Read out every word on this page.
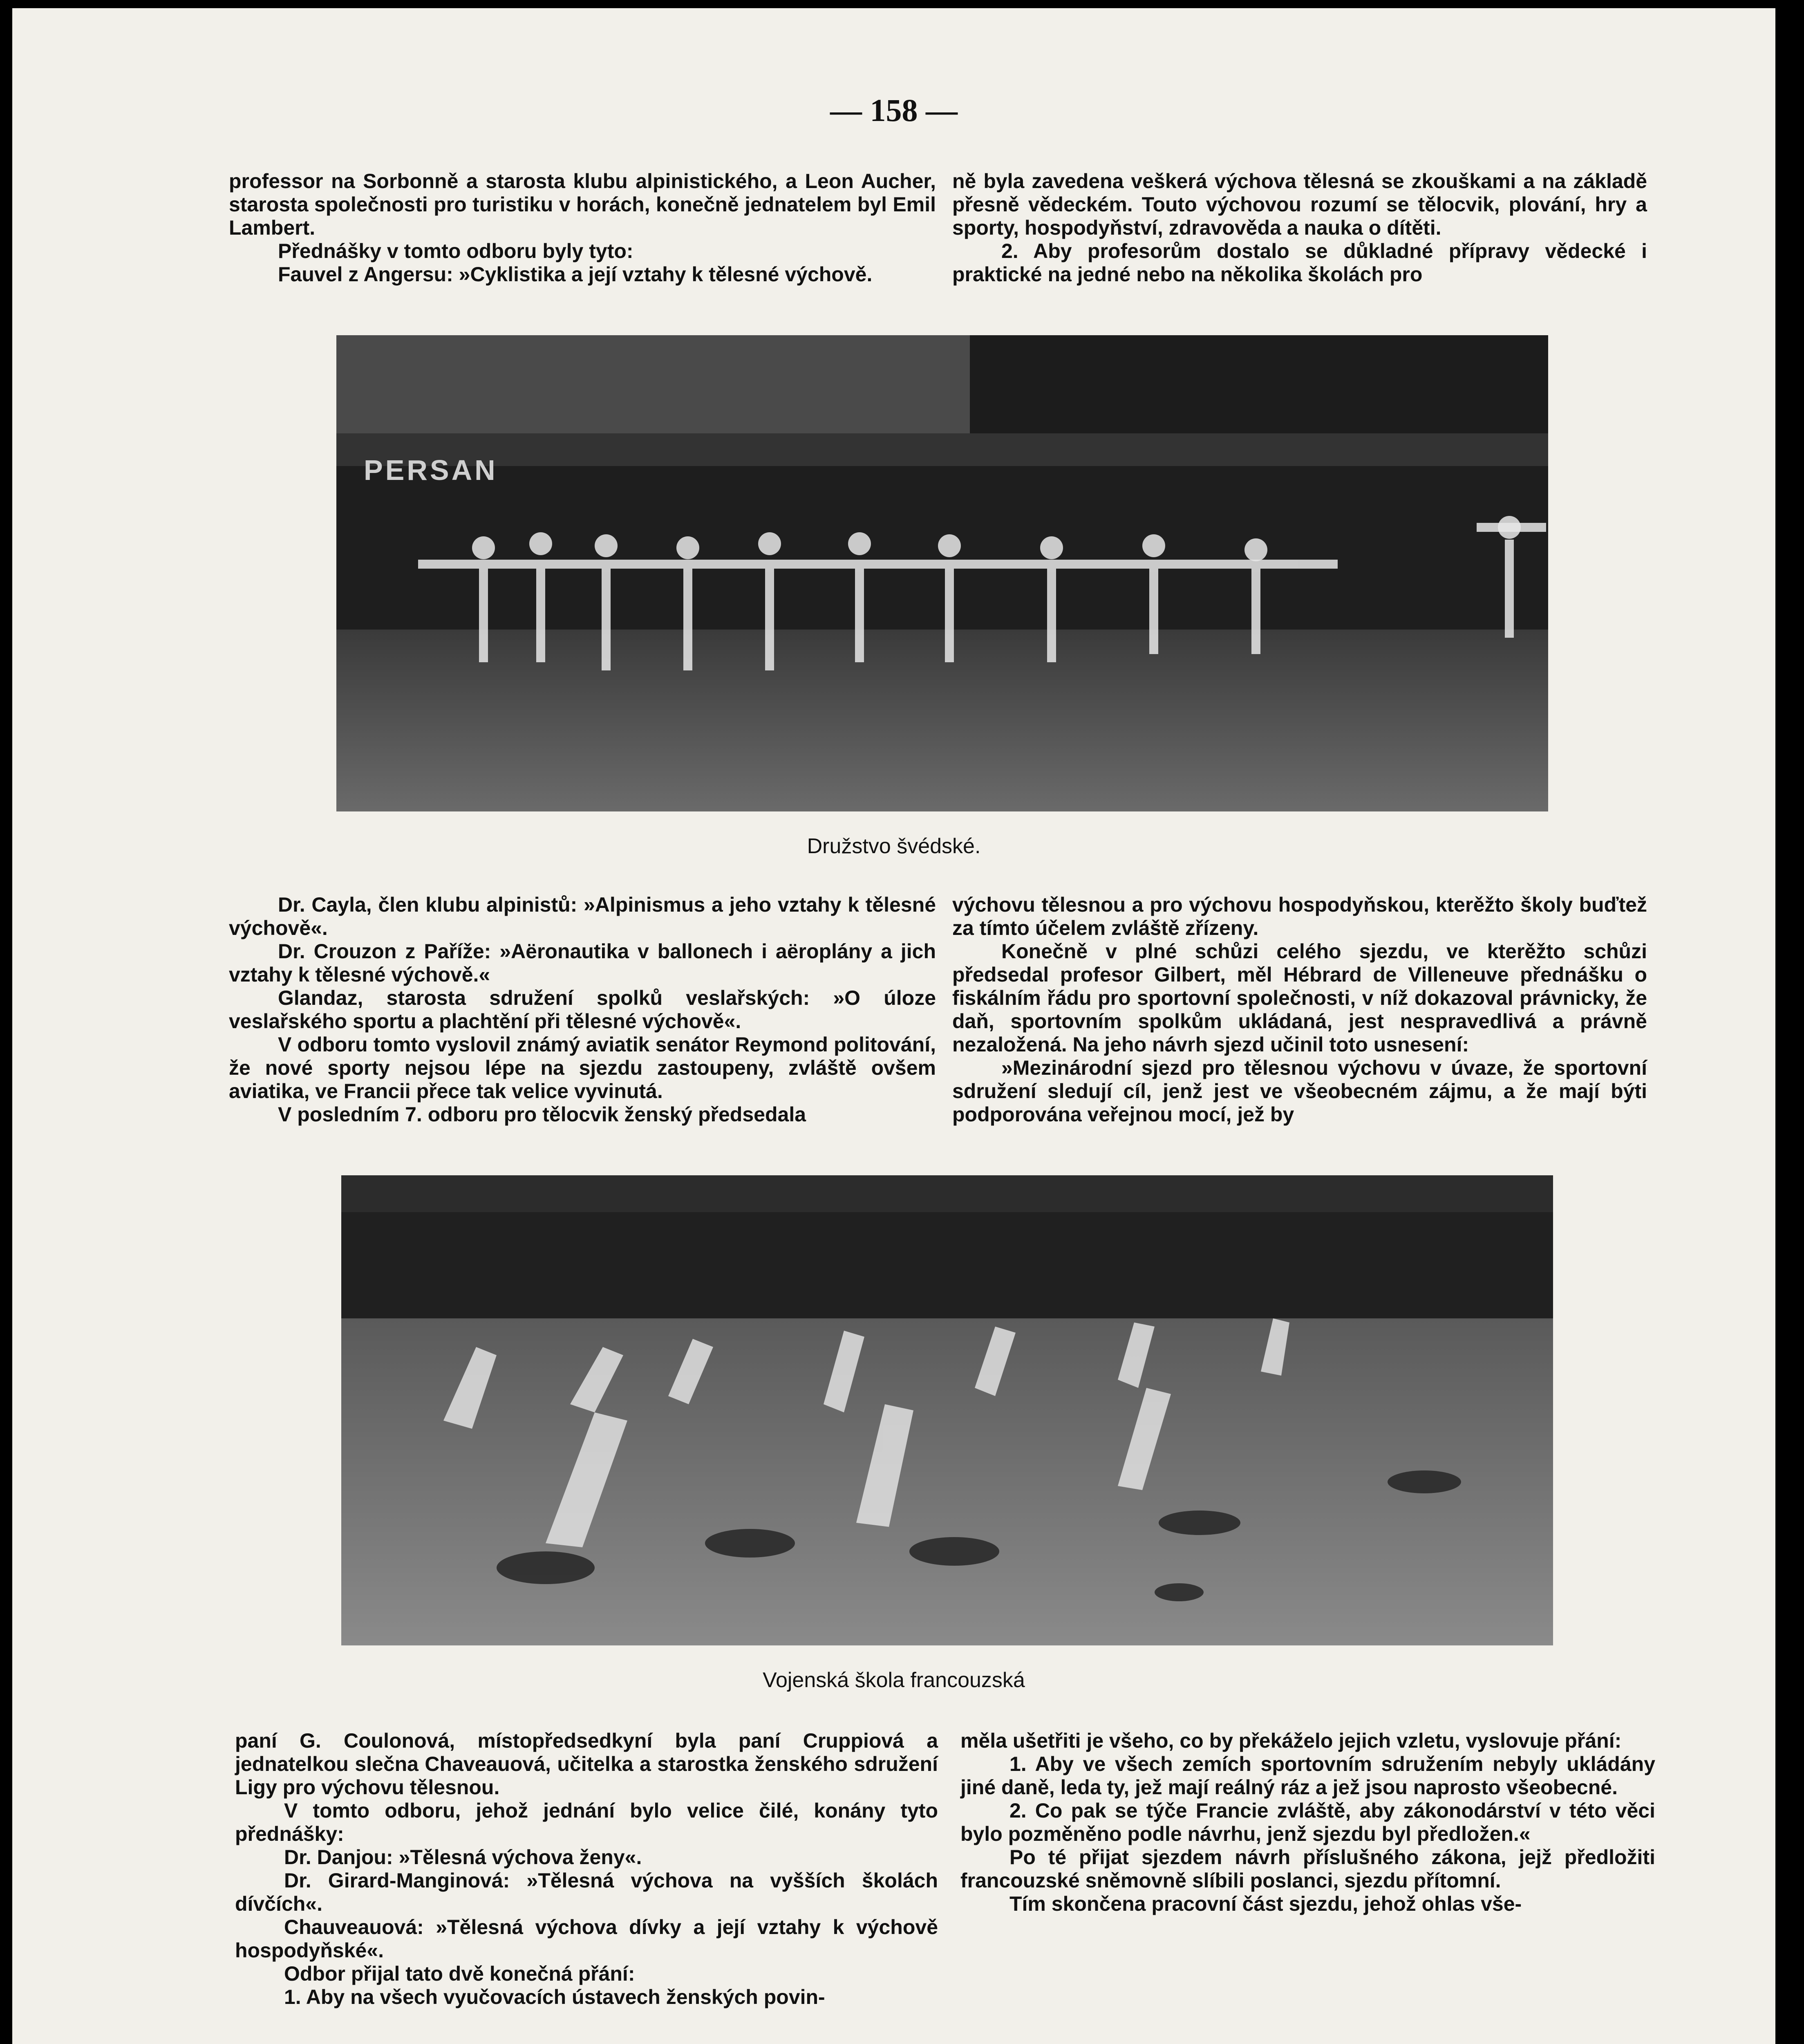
— 158 —

professor na Sorbonně a starosta klubu alpinistického, a Leon Aucher, starosta společnosti pro turistiku v horách, konečně jednatelem byl Emil Lambert.

Přednášky v tomto odboru byly tyto:

Fauvel z Angersu: »Cyklistika a její vztahy k tělesné výchově.

ně byla zavedena veškerá výchova tělesná se zkouškami a na základě přesně vědeckém. Touto výchovou rozumí se tělocvik, plování, hry a sporty, hospodyňství, zdravověda a nauka o dítěti.

2. Aby profesorům dostalo se důkladné přípravy vědecké i praktické na jedné nebo na několika školách pro

Družstvo švédské.

Dr. Cayla, člen klubu alpinistů: »Alpinismus a jeho vztahy k tělesné výchově«.

Dr. Crouzon z Paříže: »Aëronautika v ballonech i aëroplány a jich vztahy k tělesné výchově.«

Glandaz, starosta sdružení spolků veslařských: »O úloze veslařského sportu a plachtění při tělesné výchově«.

V odboru tomto vyslovil známý aviatik senátor Reymond politování, že nové sporty nejsou lépe na sjezdu zastoupeny, zvláště ovšem aviatika, ve Francii přece tak velice vyvinutá.

V posledním 7. odboru pro tělocvik ženský předsedala

výchovu tělesnou a pro výchovu hospodyňskou, kterěžto školy buďtež za tímto účelem zvláště zřízeny.

Konečně v plné schůzi celého sjezdu, ve kterěžto schůzi předsedal profesor Gilbert, měl Hébrard de Villeneuve přednášku o fiskálním řádu pro sportovní společnosti, v níž dokazoval právnicky, že daň, sportovním spolkům ukládaná, jest nespravedlivá a právně nezaložená. Na jeho návrh sjezd učinil toto usnesení:

»Mezinárodní sjezd pro tělesnou výchovu v úvaze, že sportovní sdružení sledují cíl, jenž jest ve všeobecném zájmu, a že mají býti podporována veřejnou mocí, jež by

Vojenská škola francouzská

paní G. Coulonová, místopředsedkyní byla paní Cruppiová a jednatelkou slečna Chaveauová, učitelka a starostka ženského sdružení Ligy pro výchovu tělesnou.

V tomto odboru, jehož jednání bylo velice čilé, konány tyto přednášky:

Dr. Danjou: »Tělesná výchova ženy«.

Dr. Girard-Manginová: »Tělesná výchova na vyšších školách dívčích«.

Chauveauová: »Tělesná výchova dívky a její vztahy k výchově hospodyňské«.

Odbor přijal tato dvě konečná přání:

1. Aby na všech vyučovacích ústavech ženských povin-

měla ušetřiti je všeho, co by překáželo jejich vzletu, vyslovuje přání:

1. Aby ve všech zemích sportovním sdružením nebyly ukládány jiné daně, leda ty, jež mají reálný ráz a jež jsou naprosto všeobecné.

2. Co pak se týče Francie zvláště, aby zákonodárství v této věci bylo pozměněno podle návrhu, jenž sjezdu byl předložen.«

Po té přijat sjezdem návrh příslušného zákona, jejž předložiti francouzské sněmovně slíbili poslanci, sjezdu přítomní.

Tím skončena pracovní část sjezdu, jehož ohlas vše-

PERSAN
